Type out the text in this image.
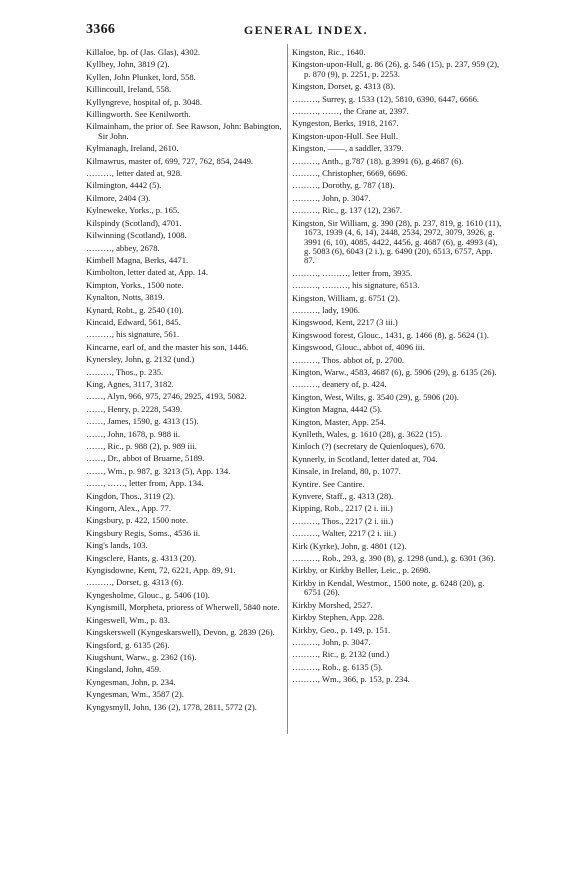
3366	GENERAL INDEX.
Killaloe, bp. of (Jas. Glas), 4302.
Kyllbey, John, 3819 (2).
Kyllen, John Plunket, lord, 558.
Killincoull, Ireland, 558.
Kyllyngreve, hospital of, p. 3048.
Killingworth. See Kenilworth.
Kilmainham, the prior of. See Rawson, John: Babington, Sir John.
Kylmanagh, Ireland, 2610.
Kilmawrus, master of, 699, 727, 762, 854, 2449.
………, letter dated at, 928.
Kilmington, 4442 (5).
Kilmore, 2404 (3).
Kylneweke, Yorks., p. 165.
Kilspindy (Scotland), 4701.
Kilwinning (Scotland), 1008.
………, abbey, 2678.
Kimbell Magna, Berks, 4471.
Kimbolton, letter dated at, App. 14.
Kimpton, Yorks., 1500 note.
Kynalton, Notts, 3819.
Kynard, Robt., g. 2540 (10).
Kincaid, Edward, 561, 845.
………, his signature, 561.
Kincarne, earl of, and the master his son, 1446.
Kynersley, John, g. 2132 (und.)
………, Thos., p. 235.
King, Agnes, 3117, 3182.
……, Alyn, 966, 975, 2746, 2925, 4193, 5082.
……, Henry, p. 2228, 5439.
……, James, 1590, g. 4313 (15).
……, John, 1678, p. 988 ii.
……, Ric., p. 988 (2), p. 989 iii.
……, Dr., abbot of Bruarne, 5189.
……, Wm., p. 987, g. 3213 (5), App. 134.
……, ……, letter from, App. 134.
Kingdon, Thos., 3119 (2).
Kingorn, Alex., App. 77.
Kingsbury, p. 422, 1500 note.
Kingsbury Regis, Soms., 4536 ii.
King's lands, 103.
Kingsclere, Hants, g. 4313 (20).
Kyngisdowne, Kent, 72, 6221, App. 89, 91.
………, Dorset, g. 4313 (6).
Kyngesholme, Glouc., g. 5406 (10).
Kyngismill, Morpheta, prioress of Wherwell, 5840 note.
Kingeswell, Wm., p. 83.
Kingskerswell (Kyngeskarswell), Devon, g. 2839 (26).
Kingsford, g. 6135 (26).
Kiugshunt, Warw., g. 2362 (16).
Kingsland, John, 459.
Kyngesman, John, p. 234.
Kyngesman, Wm., 3587 (2).
Kyngysmyll, John, 136 (2), 1778, 2811, 5772 (2).
Kingston, Ric., 1640.
Kingston-upon-Hull, g. 86 (26), g. 546 (15), p. 237, 959 (2), p. 870 (9), p. 2251, p. 2253.
Kingston, Dorset, g. 4313 (8).
………, Surrey, g. 1533 (12), 5810, 6390, 6447, 6666.
………, ……, the Crane at, 2397.
Kyngeston, Berks, 1918, 2167.
Kingston-upon-Hull. See Hull.
Kingston, ——, a saddler, 3379.
………, Anth., g.787 (18), g.3991 (6), g.4687 (6).
………, Christopher, 6669, 6696.
………, Dorothy, g. 787 (18).
………, John, p. 3047.
………, Ric., g. 137 (12), 2367.
Kingston, Sir William, g. 390 (28), p. 237, 819, g. 1610 (11), 1673, 1939 (4, 6, 14), 2448, 2534, 2972, 3079, 3926, g. 3991 (6, 10), 4085, 4422, 4456, g. 4687 (6), g. 4993 (4), g. 5083 (6), 6043 (2 i.), g. 6490 (20), 6513, 6757, App. 87.
………, ………, letter from, 3935.
………, ………, his signature, 6513.
Kingston, William, g. 6751 (2).
………, lady, 1906.
Kingswood, Kent, 2217 (3 iii.)
Kingswood forest, Glouc., 1431, g. 1466 (8), g. 5624 (1).
Kingswood, Glouc., abbot of, 4096 iii.
………, Thos. abbot of, p. 2700.
Kington, Warw., 4583, 4687 (6), g. 5906 (29), g. 6135 (26).
………, deanery of, p. 424.
Kington, West, Wilts, g. 3540 (29), g. 5906 (20).
Kington Magna, 4442 (5).
Kington, Master, App. 254.
Kynlleth, Wales, g. 1610 (28), g. 3622 (15).
Kinloch (?) (secretary de Quienloques), 670.
Kynnerly, in Scotland, letter dated at, 704.
Kinsale, in Ireland, 80, p. 1077.
Kyntire. See Cantire.
Kynvere, Staff., g. 4313 (28).
Kipping, Rob., 2217 (2 i. iii.)
………, Thos., 2217 (2 i. iii.)
………, Walter, 2217 (2 i. iii.)
Kirk (Kyrke), John, g. 4801 (12).
………, Rob., 293, g. 390 (8), g. 1298 (und.), g. 6301 (36).
Kirkby, or Kirkby Beller, Leic., p. 2698.
Kirkby in Kendal, Westmor., 1500 note, g. 6248 (20), g. 6751 (26).
Kirkby Morshed, 2527.
Kirkby Stephen, App. 228.
Kirkby, Geo., p. 149, p. 151.
………, John, p. 3047.
………, Ric., g. 2132 (und.)
………, Rob., g. 6135 (5).
………, Wm., 366, p. 153, p. 234.
